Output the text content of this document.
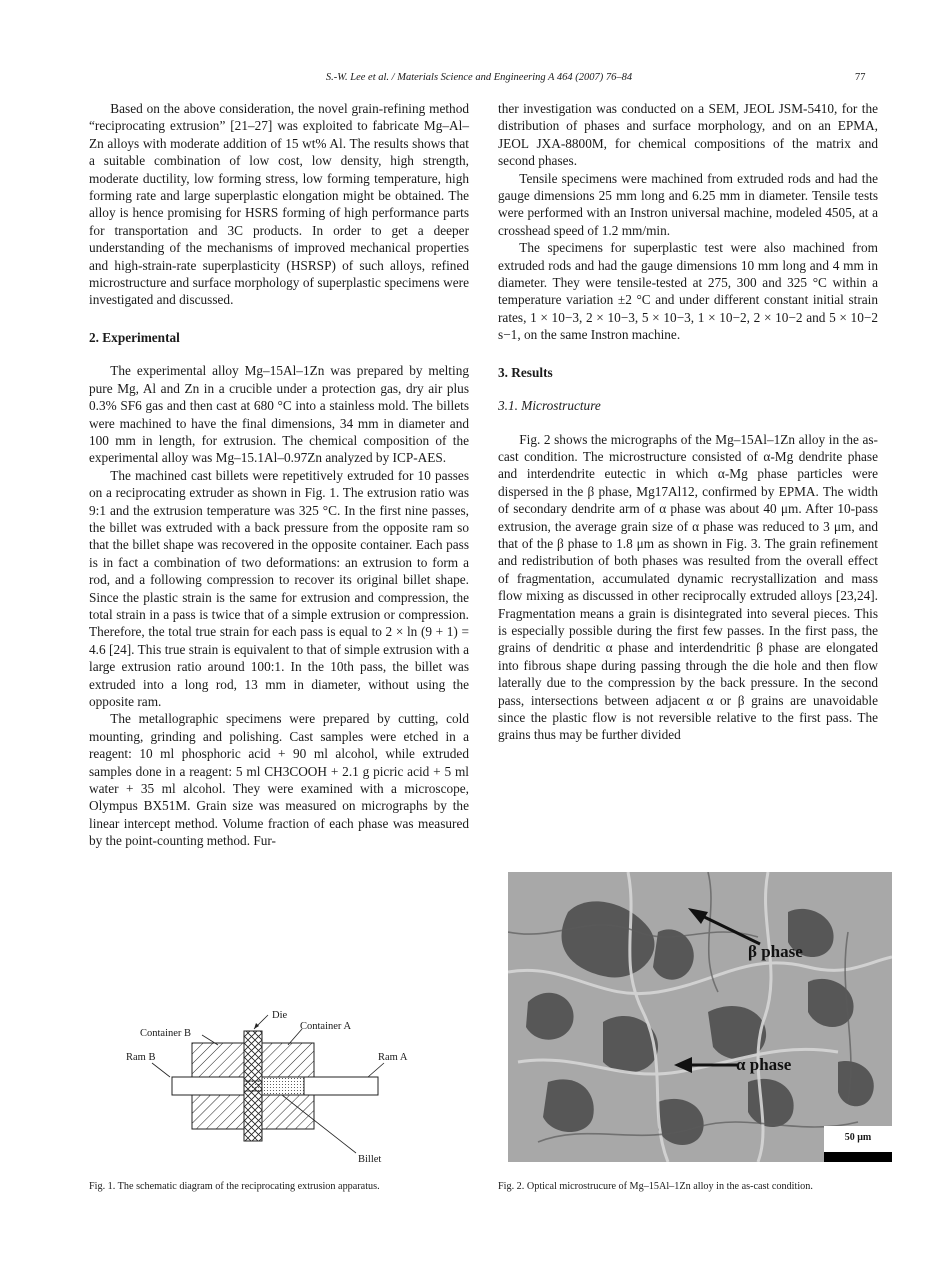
S.-W. Lee et al. / Materials Science and Engineering A 464 (2007) 76–84	77

Based on the above consideration, the novel grain-refining method “reciprocating extrusion” [21–27] was exploited to fabricate Mg–Al–Zn alloys with moderate addition of 15 wt% Al. The results shows that a suitable combination of low cost, low density, high strength, moderate ductility, low forming stress, low forming temperature, high forming rate and large superplastic elongation might be obtained. The alloy is hence promising for HSRS forming of high performance parts for transportation and 3C products. In order to get a deeper understanding of the mechanisms of improved mechanical properties and high-strain-rate superplasticity (HSRSP) of such alloys, refined microstructure and surface morphology of superplastic specimens were investigated and discussed.

2. Experimental

The experimental alloy Mg–15Al–1Zn was prepared by melting pure Mg, Al and Zn in a crucible under a protection gas, dry air plus 0.3% SF6 gas and then cast at 680 °C into a stainless mold. The billets were machined to have the final dimensions, 34 mm in diameter and 100 mm in length, for extrusion. The chemical composition of the experimental alloy was Mg–15.1Al–0.97Zn analyzed by ICP-AES.

The machined cast billets were repetitively extruded for 10 passes on a reciprocating extruder as shown in Fig. 1. The extrusion ratio was 9:1 and the extrusion temperature was 325 °C. In the first nine passes, the billet was extruded with a back pressure from the opposite ram so that the billet shape was recovered in the opposite container. Each pass is in fact a combination of two deformations: an extrusion to form a rod, and a following compression to recover its original billet shape. Since the plastic strain is the same for extrusion and compression, the total strain in a pass is twice that of a simple extrusion or compression. Therefore, the total true strain for each pass is equal to 2 × ln (9 + 1) = 4.6 [24]. This true strain is equivalent to that of simple extrusion with a large extrusion ratio around 100:1. In the 10th pass, the billet was extruded into a long rod, 13 mm in diameter, without using the opposite ram.

The metallographic specimens were prepared by cutting, cold mounting, grinding and polishing. Cast samples were etched in a reagent: 10 ml phosphoric acid + 90 ml alcohol, while extruded samples done in a reagent: 5 ml CH3COOH + 2.1 g picric acid + 5 ml water + 35 ml alcohol. They were examined with a microscope, Olympus BX51M. Grain size was measured on micrographs by the linear intercept method. Volume fraction of each phase was measured by the point-counting method. Fur-

ther investigation was conducted on a SEM, JEOL JSM-5410, for the distribution of phases and surface morphology, and on an EPMA, JEOL JXA-8800M, for chemical compositions of the matrix and second phases.

Tensile specimens were machined from extruded rods and had the gauge dimensions 25 mm long and 6.25 mm in diameter. Tensile tests were performed with an Instron universal machine, modeled 4505, at a crosshead speed of 1.2 mm/min.

The specimens for superplastic test were also machined from extruded rods and had the gauge dimensions 10 mm long and 4 mm in diameter. They were tensile-tested at 275, 300 and 325 °C within a temperature variation ±2 °C and under different constant initial strain rates, 1 × 10−3, 2 × 10−3, 5 × 10−3, 1 × 10−2, 2 × 10−2 and 5 × 10−2 s−1, on the same Instron machine.

3. Results
3.1. Microstructure

Fig. 2 shows the micrographs of the Mg–15Al–1Zn alloy in the as-cast condition. The microstructure consisted of α-Mg dendrite phase and interdendrite eutectic in which α-Mg phase particles were dispersed in the β phase, Mg17Al12, confirmed by EPMA. The width of secondary dendrite arm of α phase was about 40 μm. After 10-pass extrusion, the average grain size of α phase was reduced to 3 μm, and that of the β phase to 1.8 μm as shown in Fig. 3. The grain refinement and redistribution of both phases was resulted from the overall effect of fragmentation, accumulated dynamic recrystallization and mass flow mixing as discussed in other reciprocally extruded alloys [23,24]. Fragmentation means a grain is disintegrated into several pieces. This is especially possible during the first few passes. In the first pass, the grains of dendritic α phase and interdendritic β phase are elongated into fibrous shape during passing through the die hole and then flow laterally due to the compression by the back pressure. In the second pass, intersections between adjacent α or β grains are unavoidable since the plastic flow is not reversible relative to the first pass. The grains thus may be further divided

Die
Container B
Container A
Ram B	Ram A
Billet
Fig. 1. The schematic diagram of the reciprocating extrusion apparatus.
β phase
α phase
50 μm
Fig. 2. Optical microstrucure of Mg–15Al–1Zn alloy in the as-cast condition.
